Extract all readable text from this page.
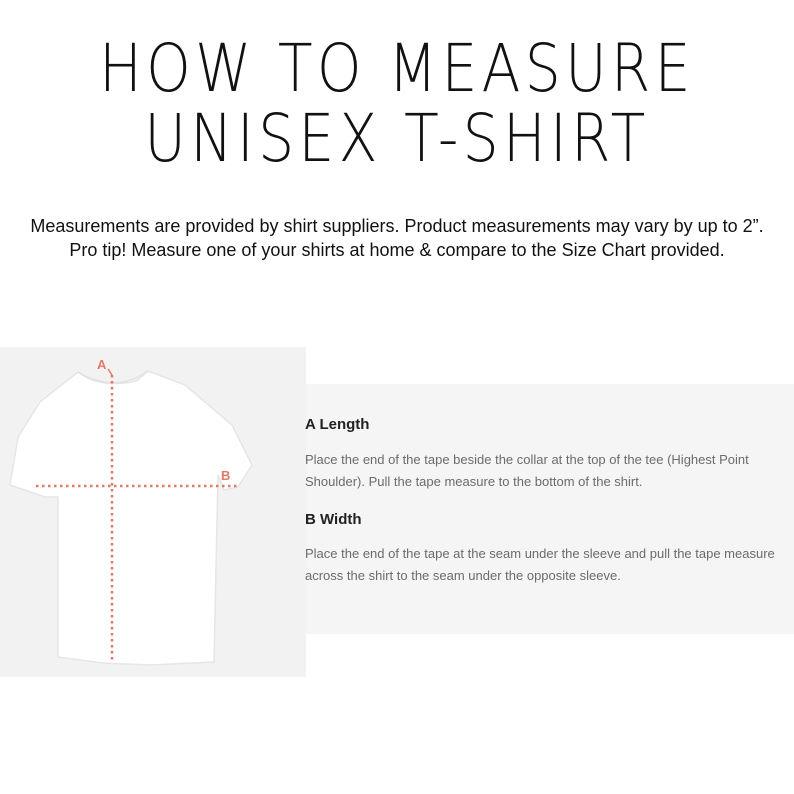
HOW TO MEASURE
UNISEX T-SHIRT
Measurements are provided by shirt suppliers. Product measurements may vary by up to 2”.
Pro tip! Measure one of your shirts at home & compare to the Size Chart provided.
A
B
A Length
Place the end of the tape beside the collar at the top of the tee (Highest Point Shoulder). Pull the tape measure to the bottom of the shirt.
B Width
Place the end of the tape at the seam under the sleeve and pull the tape measure across the shirt to the seam under the opposite sleeve.
